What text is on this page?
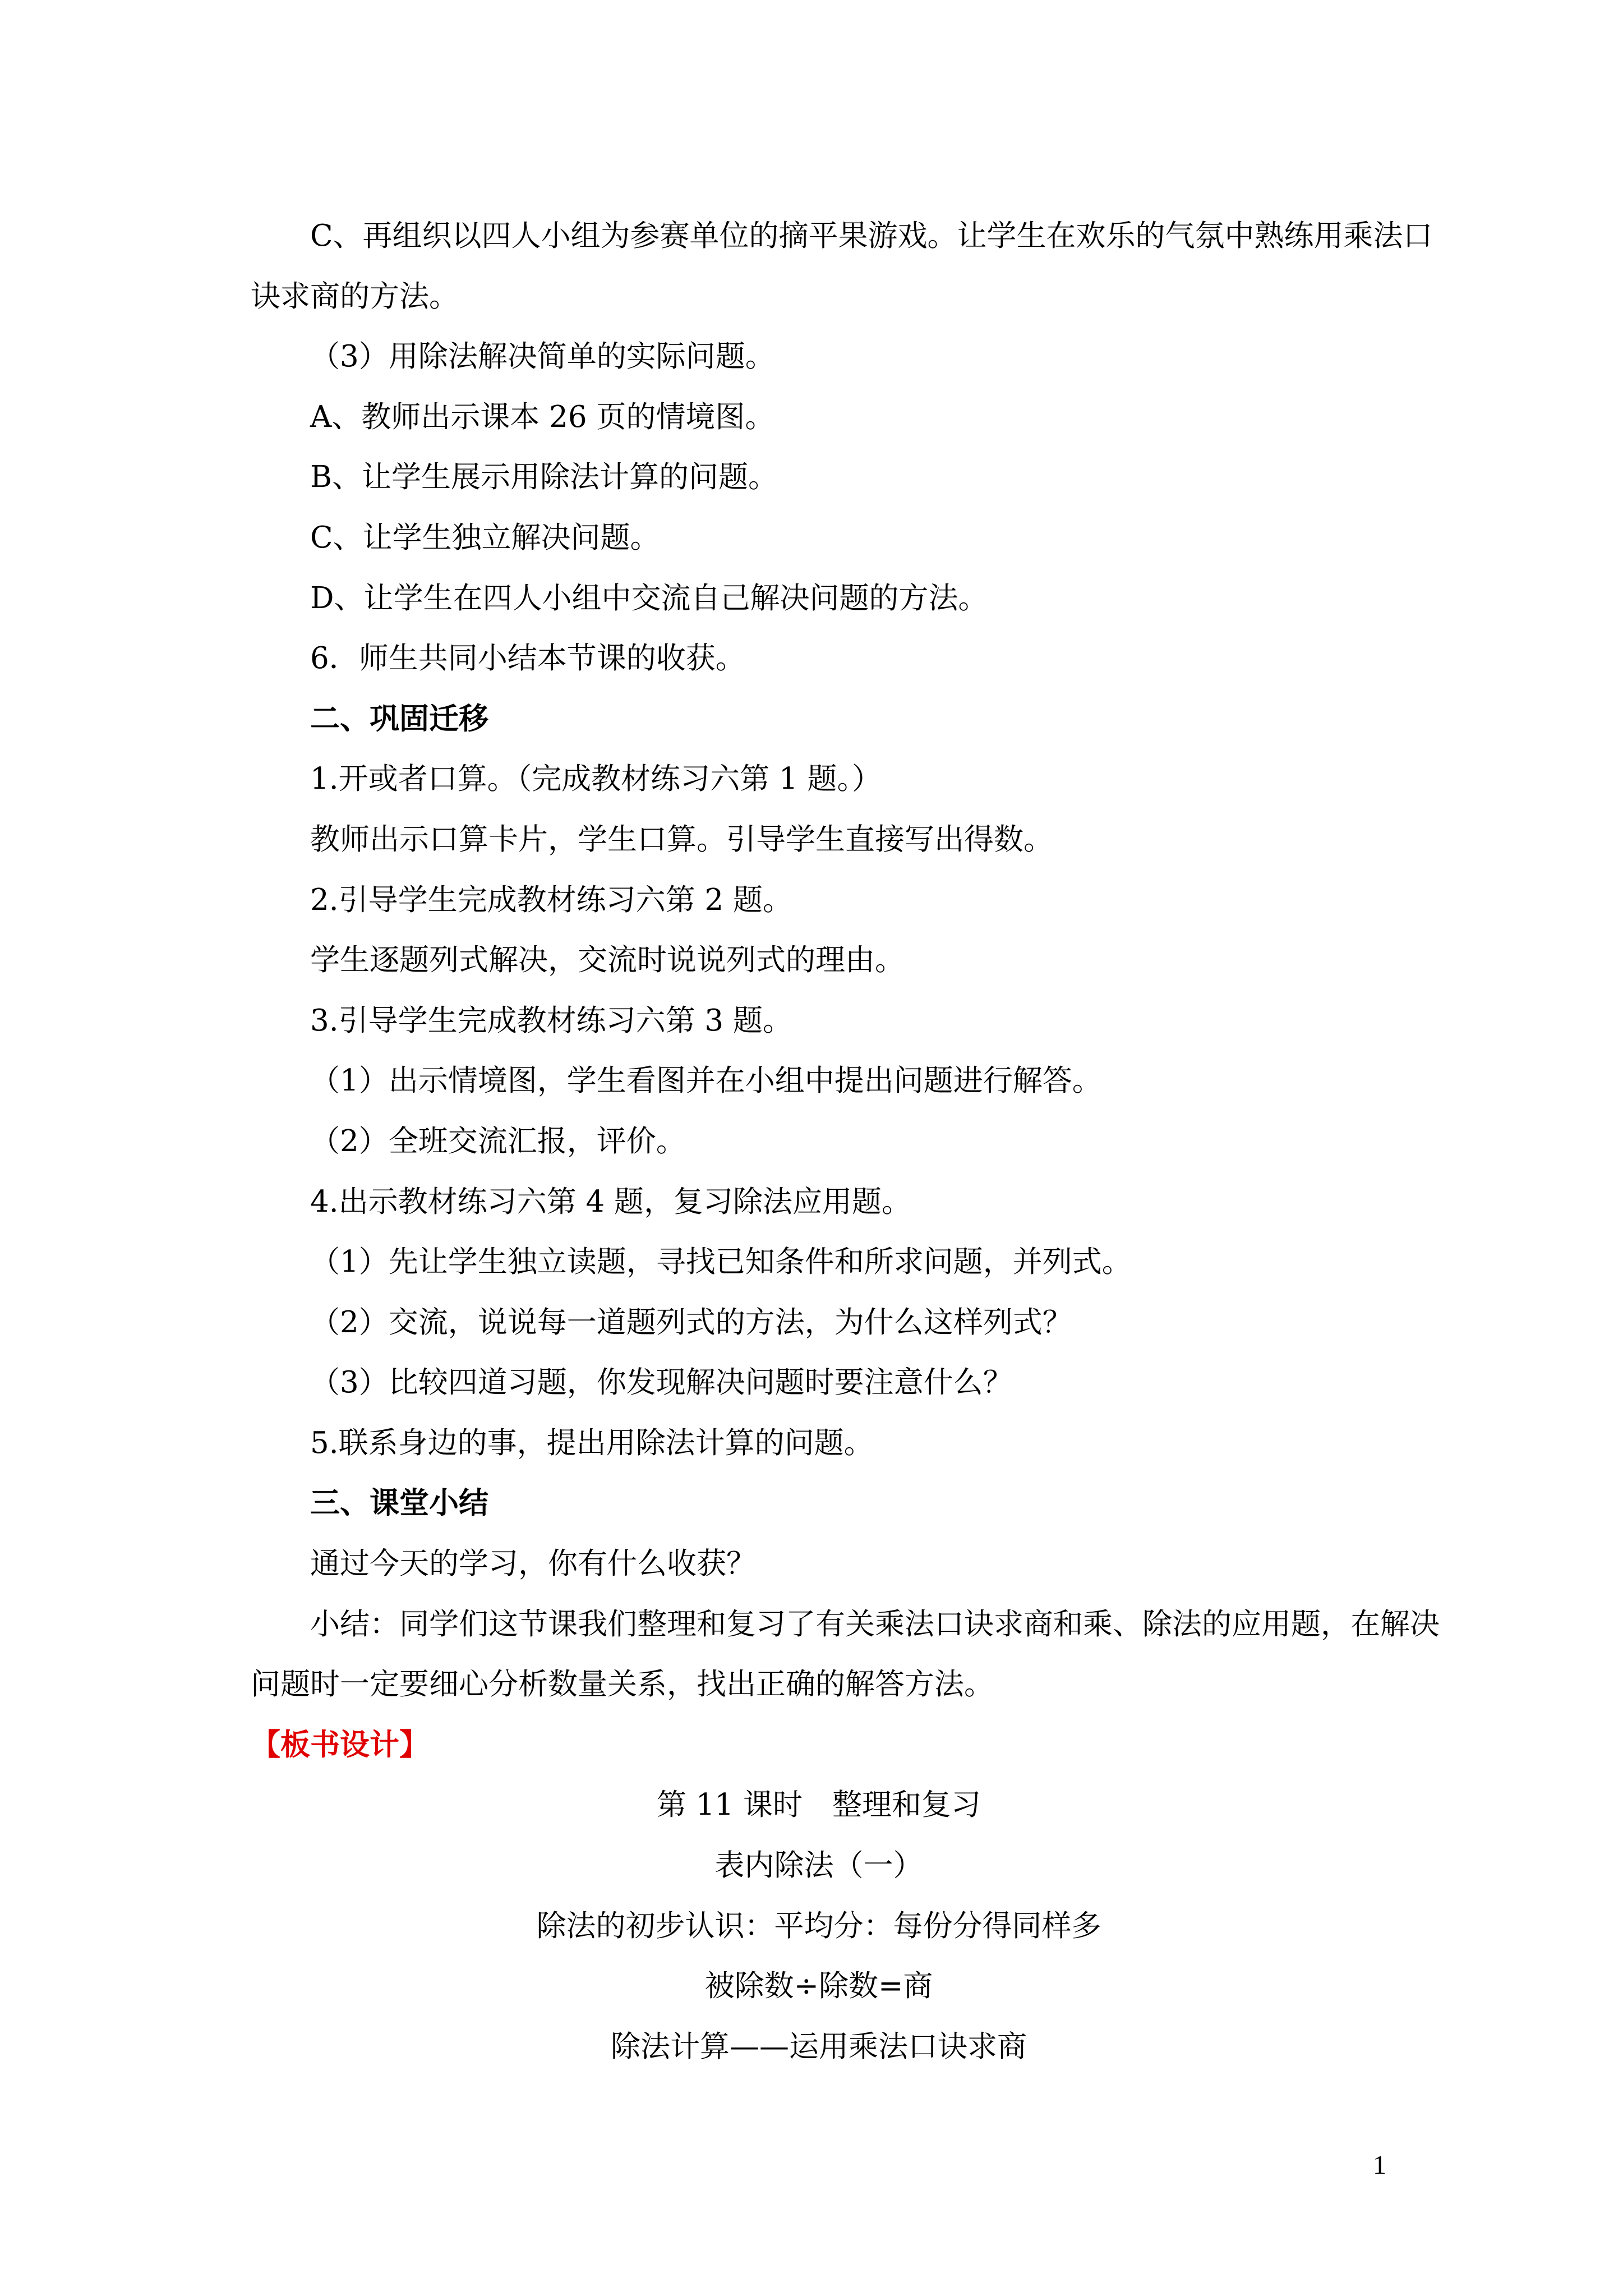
C、再组织以四人小组为参赛单位的摘平果游戏。让学生在欢乐的气氛中熟练用乘法口
诀求商的方法。
（3）用除法解决简单的实际问题。
A、教师出示课本 26 页的情境图。
B、让学生展示用除法计算的问题。
C、让学生独立解决问题。
D、让学生在四人小组中交流自己解决问题的方法。
6．师生共同小结本节课的收获。
二、巩固迁移
1.开或者口算。（完成教材练习六第 1 题。）
教师出示口算卡片，学生口算。引导学生直接写出得数。
2.引导学生完成教材练习六第 2 题。
学生逐题列式解决，交流时说说列式的理由。
3.引导学生完成教材练习六第 3 题。
（1）出示情境图，学生看图并在小组中提出问题进行解答。
（2）全班交流汇报，评价。
4.出示教材练习六第 4 题，复习除法应用题。
（1）先让学生独立读题，寻找已知条件和所求问题，并列式。
（2）交流，说说每一道题列式的方法，为什么这样列式？
（3）比较四道习题，你发现解决问题时要注意什么？
5.联系身边的事，提出用除法计算的问题。
三、课堂小结
通过今天的学习，你有什么收获？
小结：同学们这节课我们整理和复习了有关乘法口诀求商和乘、除法的应用题，在解决
问题时一定要细心分析数量关系，找出正确的解答方法。
【板书设计】
第 11 课时　整理和复习
表内除法（一）
除法的初步认识：平均分：每份分得同样多
被除数÷除数=商
除法计算——运用乘法口诀求商
1
